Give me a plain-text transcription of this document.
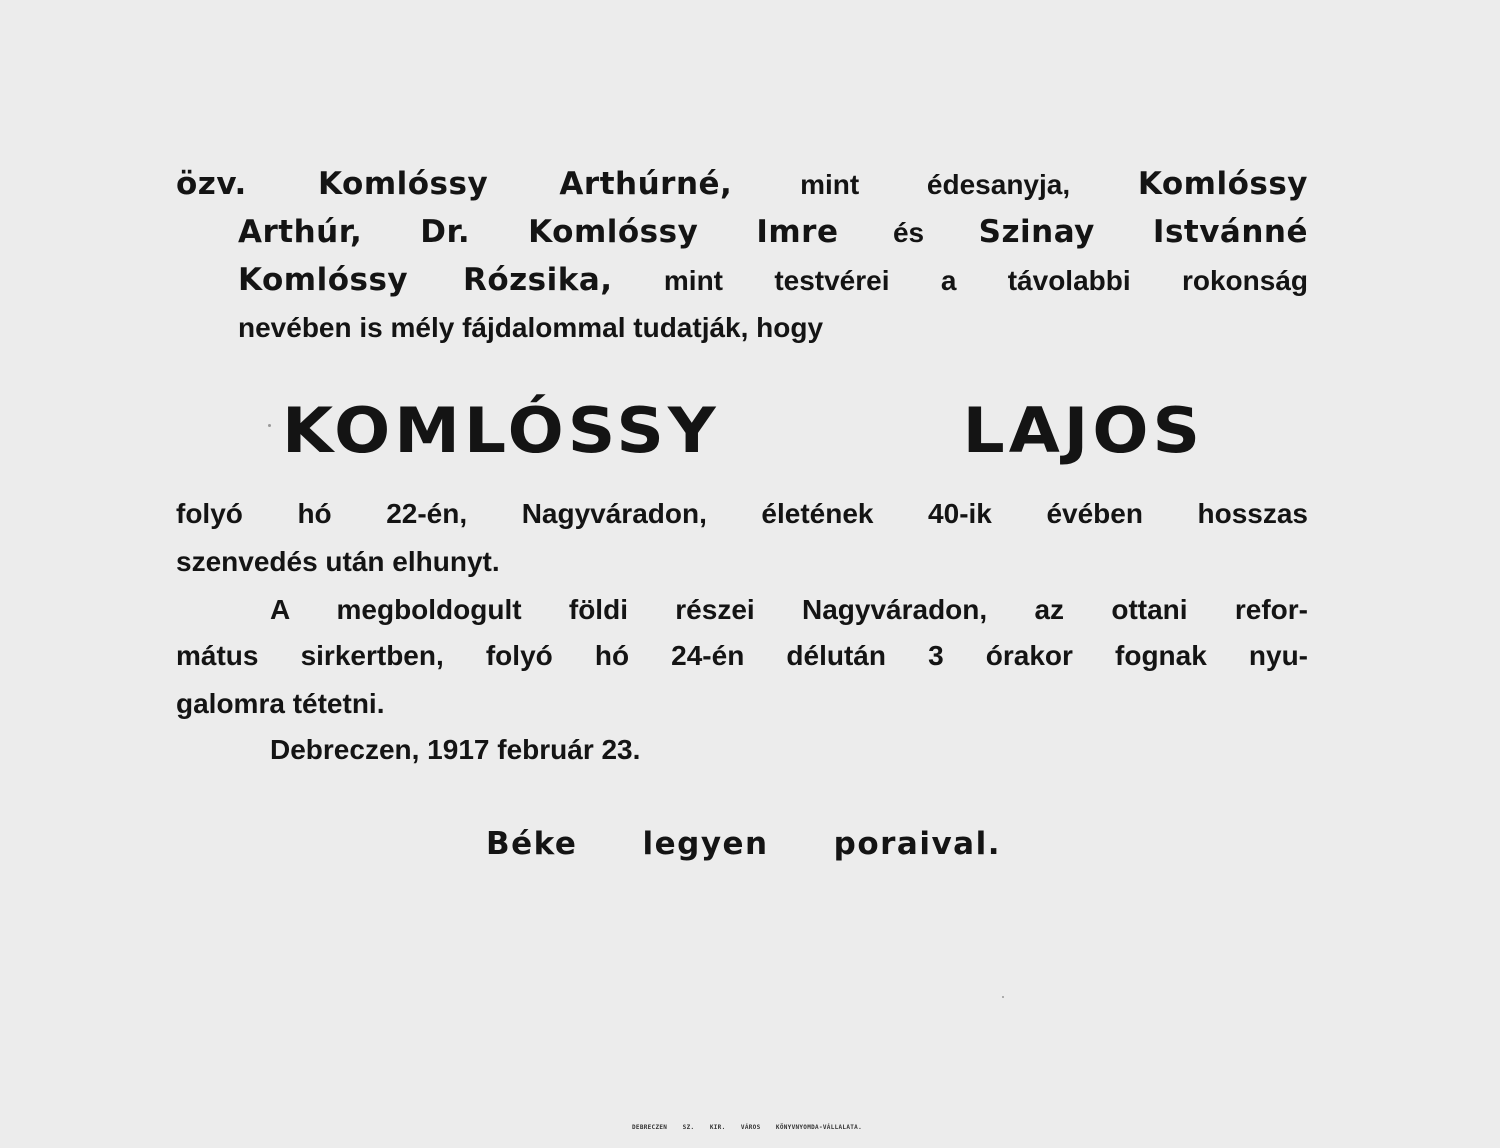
özv. Komlóssy Arthúrné, mint édesanyja, Komlóssy
Arthúr, Dr. Komlóssy Imre és Szinay Istvánné
Komlóssy Rózsika, mint testvérei a távolabbi rokonság
nevében is mély fájdalommal tudatják, hogy
KOMLÓSSY LAJOS
folyó hó 22-én, Nagyváradon, életének 40-ik évében hosszas
szenvedés után elhunyt.
A megboldogult földi részei Nagyváradon, az ottani refor-
mátus sirkertben, folyó hó 24-én délután 3 órakor fognak nyu-
galomra tétetni.
Debreczen, 1917 február 23.
Béke legyen poraival.
DEBRECZEN SZ. KIR. VÁROS KÖNYVNYOMDA-VÁLLALATA.
